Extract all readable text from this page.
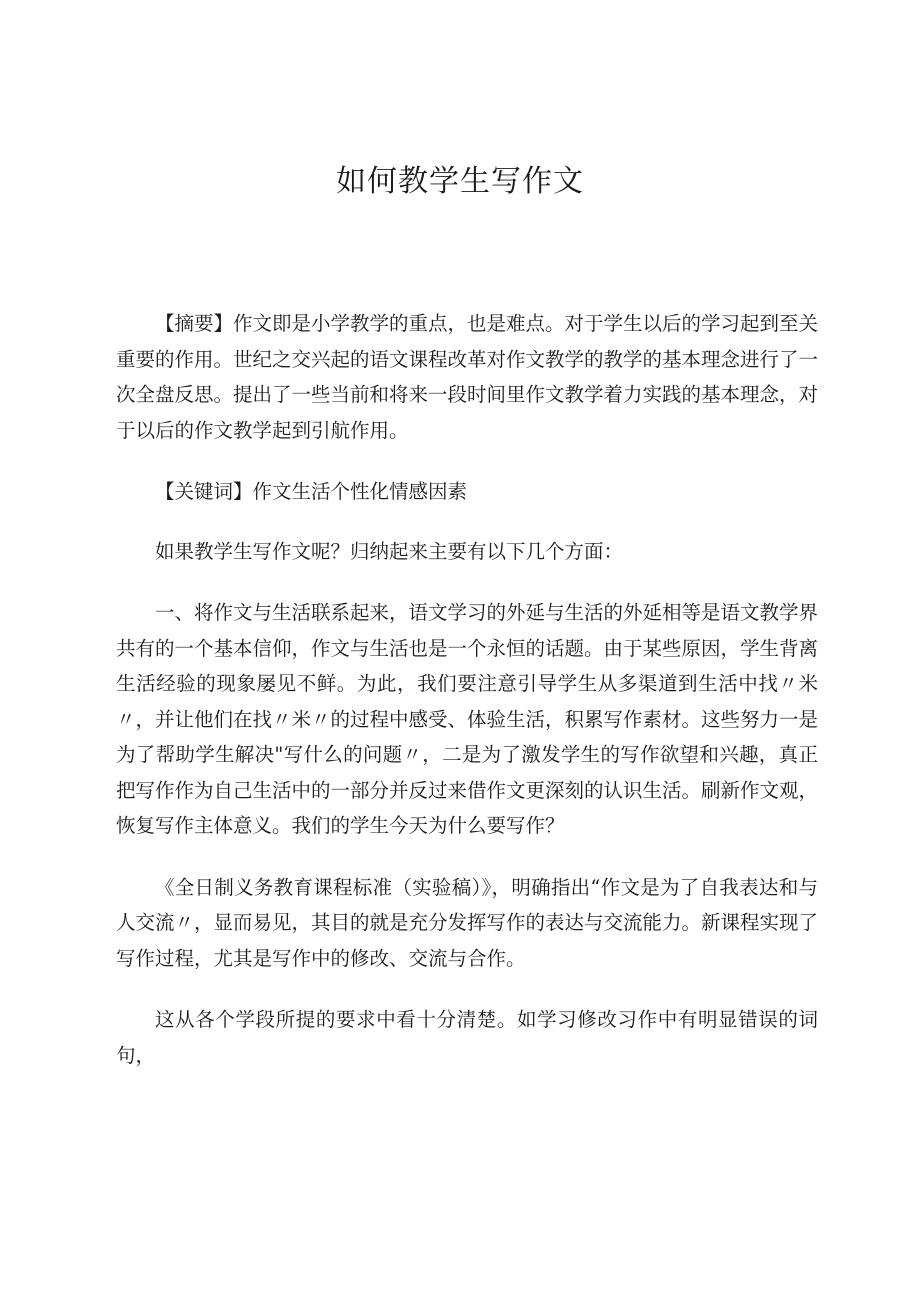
如何教学生写作文

【摘要】作文即是小学教学的重点，也是难点。对于学生以后的学习起到至关重要的作用。世纪之交兴起的语文课程改革对作文教学的教学的基本理念进行了一次全盘反思。提出了一些当前和将来一段时间里作文教学着力实践的基本理念，对于以后的作文教学起到引航作用。

【关键词】作文生活个性化情感因素

如果教学生写作文呢？归纳起来主要有以下几个方面：

一、将作文与生活联系起来，语文学习的外延与生活的外延相等是语文教学界共有的一个基本信仰，作文与生活也是一个永恒的话题。由于某些原因，学生背离生活经验的现象屡见不鲜。为此，我们要注意引导学生从多渠道到生活中找〃米〃，并让他们在找〃米〃的过程中感受、体验生活，积累写作素材。这些努力一是为了帮助学生解决"写什么的问题〃，二是为了激发学生的写作欲望和兴趣，真正把写作作为自己生活中的一部分并反过来借作文更深刻的认识生活。刷新作文观，恢复写作主体意义。我们的学生今天为什么要写作？

《全日制义务教育课程标准（实验稿）》，明确指出“作文是为了自我表达和与人交流〃，显而易见，其目的就是充分发挥写作的表达与交流能力。新课程实现了写作过程，尤其是写作中的修改、交流与合作。

这从各个学段所提的要求中看十分清楚。如学习修改习作中有明显错误的词句，
